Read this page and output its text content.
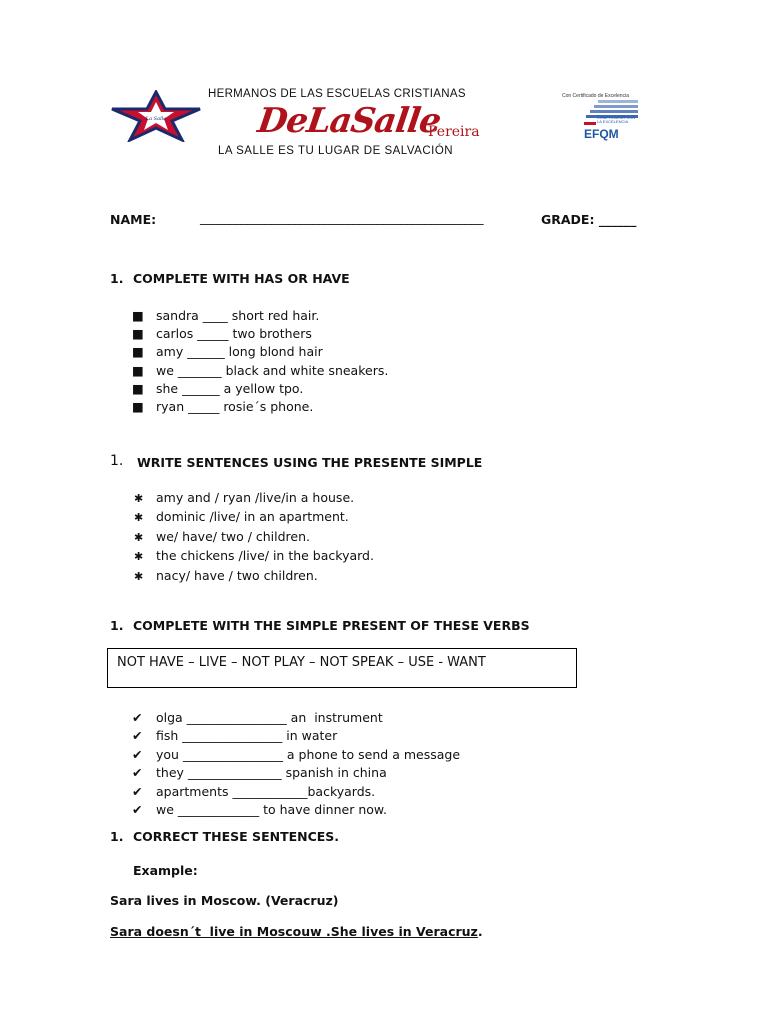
La Salle
HERMANOS DE LAS ESCUELAS CRISTIANAS	Con Certificado de Excelencia
DeLaSalle
Pereira
LA SALLE ES TU LUGAR DE SALVACIÓN
COMPROMISO CON LA EXCELENCIA
EFQM
NAME:	________________________________________________	GRADE: ______
1. COMPLETE WITH HAS OR HAVE
■ sandra ____ short red hair.
■ carlos _____ two brothers
■ amy ______ long blond hair
■ we _______ black and white sneakers.
■ she ______ a yellow tpo.
■ ryan _____ rosie´s phone.
1. WRITE SENTENCES USING THE PRESENTE SIMPLE
✱ amy and / ryan /live/in a house.
✱ dominic /live/ in an apartment.
✱ we/ have/ two / children.
✱ the chickens /live/ in the backyard.
✱ nacy/ have / two children.
1. COMPLETE WITH THE SIMPLE PRESENT OF THESE VERBS
NOT HAVE – LIVE – NOT PLAY – NOT SPEAK – USE - WANT
✔ olga ________________ an  instrument
✔ fish ________________ in water
✔ you ________________ a phone to send a message
✔ they _______________ spanish in china
✔ apartments ____________backyards.
✔ we _____________ to have dinner now.
1. CORRECT THESE SENTENCES.
Example:
Sara lives in Moscow. (Veracruz)
Sara doesn´t  live in Moscouw .She lives in Veracruz.
